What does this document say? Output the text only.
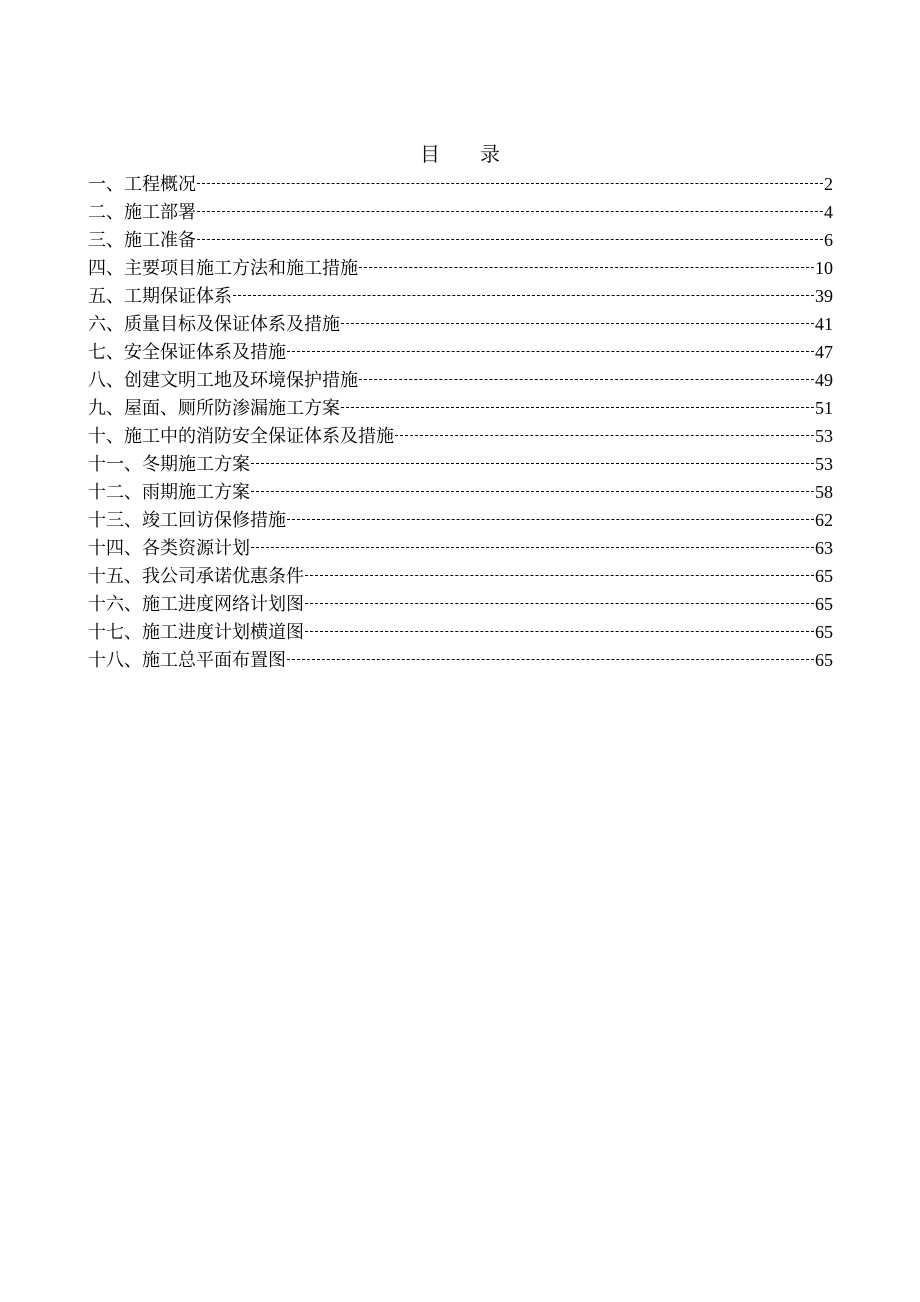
目 录
一、工程概况	2
二、施工部署	4
三、施工准备	6
四、主要项目施工方法和施工措施	10
五、工期保证体系	39
六、质量目标及保证体系及措施	41
七、安全保证体系及措施	47
八、创建文明工地及环境保护措施	49
九、屋面、厕所防渗漏施工方案	51
十、施工中的消防安全保证体系及措施	53
十一、冬期施工方案	53
十二、雨期施工方案	58
十三、竣工回访保修措施	62
十四、各类资源计划	63
十五、我公司承诺优惠条件	65
十六、施工进度网络计划图	65
十七、施工进度计划横道图	65
十八、施工总平面布置图	65
